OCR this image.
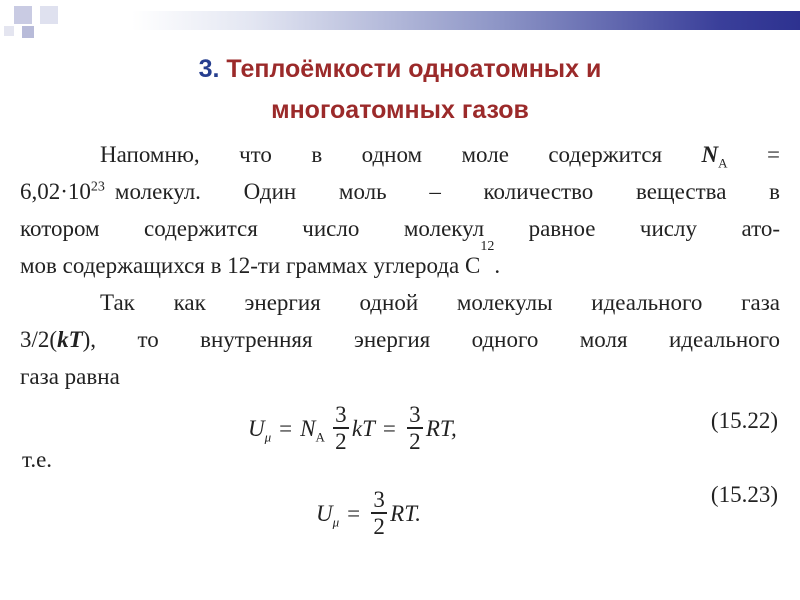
3. Теплоёмкости одноатомных и
многоатомных газов
Напомню, что в одном моле содержится $N_A$ =
$6,02\cdot 10^{23}$ молекул. Один моль – количество вещества в
котором содержится число молекул равное числу ато-
мов содержащихся в 12-ти граммах углерода С
12
.
Так как энергия одной молекулы идеального газа
3/2(kT ), то внутренняя энергия одного моля идеального
газа равна
$U_\mu = N_A \frac{3}{2}$ kT = $\frac{3}{2}$ RT,	(15.22)
т.е.
$U_\mu = \frac{3}{2}$ RT.
(15.23)
